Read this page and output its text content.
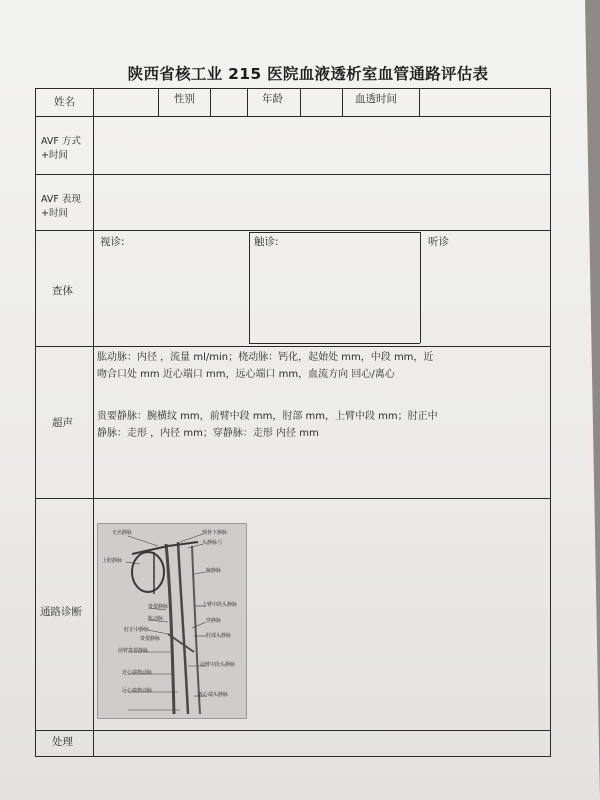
陕西省核工业 215 医院血液透析室血管通路评估表
姓名	性别	年龄	血透时间
AVF 方式
+时间
AVF 表现
+时间
查体
视诊:	触诊:	听诊
超声
肱动脉：内径 ，流量 ml/min；桡动脉：钙化，起始处 mm，中段 mm，近
吻合口处 mm 近心端口 mm，远心端口 mm，血流方向 回心/离心
贵要静脉：腕横纹 mm，前臂中段 mm，肘部 mm，上臂中段 mm；肘正中
静脉：走形 ，内径 mm；穿静脉：走形 内径 mm
通路诊断
无名静脉	锁骨下静脉
上腔静脉
头静脉弓
腋静脉
贵要静脉	上臂中段头静脉
肱动脉
肘正中静脉
穿静脉
贵要静脉	肘部头静脉
前臂贵要静脉
前臂中段头静脉
近心端桡动脉
近心端头静脉
远心端桡动脉
处理
